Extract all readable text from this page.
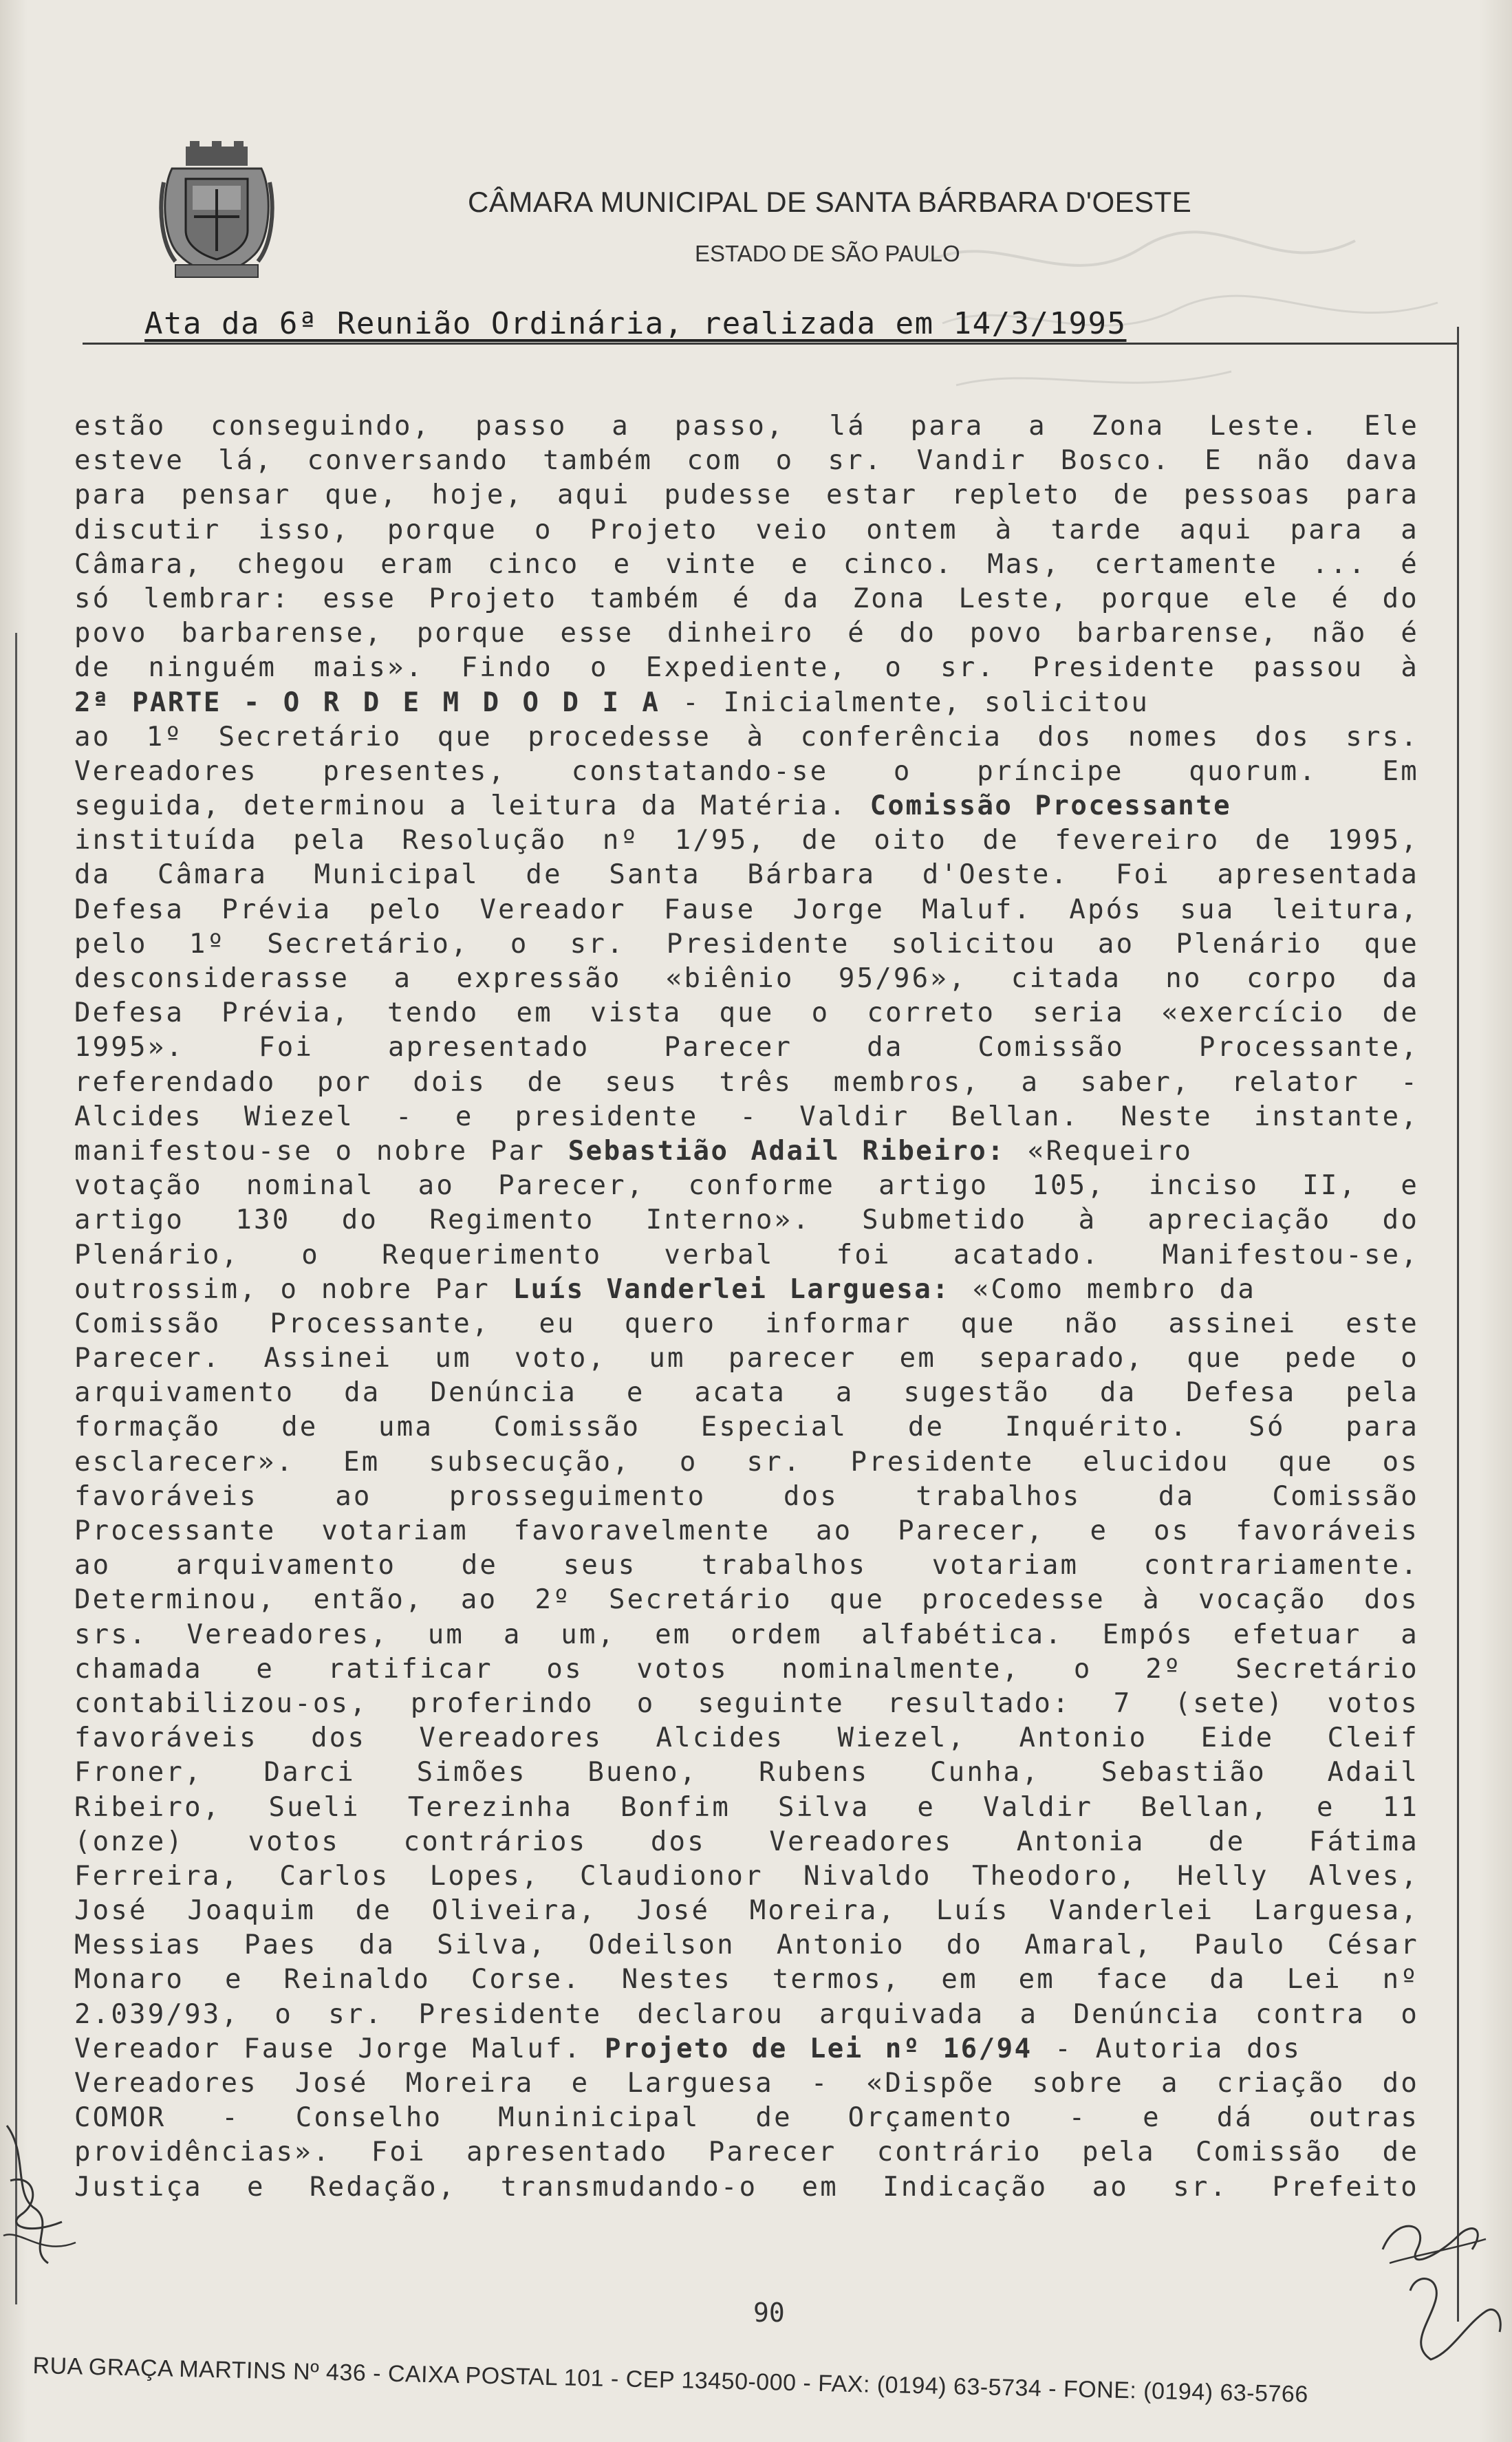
CÂMARA MUNICIPAL DE SANTA BÁRBARA D'OESTE
ESTADO DE SÃO PAULO
Ata da 6ª Reunião Ordinária, realizada em 14/3/1995
estão conseguindo, passo a passo, lá para a Zona Leste. Ele
esteve lá, conversando também com o sr. Vandir Bosco. E não dava
para pensar que, hoje, aqui pudesse estar repleto de pessoas para
discutir isso, porque o Projeto veio ontem à tarde aqui para a
Câmara, chegou eram cinco e vinte e cinco. Mas, certamente ... é
só lembrar: esse Projeto também é da Zona Leste, porque ele é do
povo barbarense, porque esse dinheiro é do povo barbarense, não é
de ninguém mais». Findo o Expediente, o sr. Presidente passou à
2ª PARTE - O R D E M D O D I A - Inicialmente, solicitou
ao 1º Secretário que procedesse à conferência dos nomes dos srs.
Vereadores presentes, constatando-se o príncipe quorum. Em
seguida, determinou a leitura da Matéria. Comissão Processante
instituída pela Resolução nº 1/95, de oito de fevereiro de 1995,
da Câmara Municipal de Santa Bárbara d'Oeste. Foi apresentada
Defesa Prévia pelo Vereador Fause Jorge Maluf. Após sua leitura,
pelo 1º Secretário, o sr. Presidente solicitou ao Plenário que
desconsiderasse a expressão «biênio 95/96», citada no corpo da
Defesa Prévia, tendo em vista que o correto seria «exercício de
1995». Foi apresentado Parecer da Comissão Processante,
referendado por dois de seus três membros, a saber, relator -
Alcides Wiezel - e presidente - Valdir Bellan. Neste instante,
manifestou-se o nobre Par Sebastião Adail Ribeiro: «Requeiro
votação nominal ao Parecer, conforme artigo 105, inciso II, e
artigo 130 do Regimento Interno». Submetido à apreciação do
Plenário, o Requerimento verbal foi acatado. Manifestou-se,
outrossim, o nobre Par Luís Vanderlei Larguesa: «Como membro da
Comissão Processante, eu quero informar que não assinei este
Parecer. Assinei um voto, um parecer em separado, que pede o
arquivamento da Denúncia e acata a sugestão da Defesa pela
formação de uma Comissão Especial de Inquérito. Só para
esclarecer». Em subsecução, o sr. Presidente elucidou que os
favoráveis ao prosseguimento dos trabalhos da Comissão
Processante votariam favoravelmente ao Parecer, e os favoráveis
ao arquivamento de seus trabalhos votariam contrariamente.
Determinou, então, ao 2º Secretário que procedesse à vocação dos
srs. Vereadores, um a um, em ordem alfabética. Empós efetuar a
chamada e ratificar os votos nominalmente, o 2º Secretário
contabilizou-os, proferindo o seguinte resultado: 7 (sete) votos
favoráveis dos Vereadores Alcides Wiezel, Antonio Eide Cleif
Froner, Darci Simões Bueno, Rubens Cunha, Sebastião Adail
Ribeiro, Sueli Terezinha Bonfim Silva e Valdir Bellan, e 11
(onze) votos contrários dos Vereadores Antonia de Fátima
Ferreira, Carlos Lopes, Claudionor Nivaldo Theodoro, Helly Alves,
José Joaquim de Oliveira, José Moreira, Luís Vanderlei Larguesa,
Messias Paes da Silva, Odeilson Antonio do Amaral, Paulo César
Monaro e Reinaldo Corse. Nestes termos, em em face da Lei nº
2.039/93, o sr. Presidente declarou arquivada a Denúncia contra o
Vereador Fause Jorge Maluf. Projeto de Lei nº 16/94 - Autoria dos
Vereadores José Moreira e Larguesa - «Dispõe sobre a criação do
COMOR - Conselho Muninicipal de Orçamento - e dá outras
providências». Foi apresentado Parecer contrário pela Comissão de
Justiça e Redação, transmudando-o em Indicação ao sr. Prefeito
90
RUA GRAÇA MARTINS Nº 436 - CAIXA POSTAL 101 - CEP 13450-000 - FAX: (0194) 63-5734 - FONE: (0194) 63-5766
